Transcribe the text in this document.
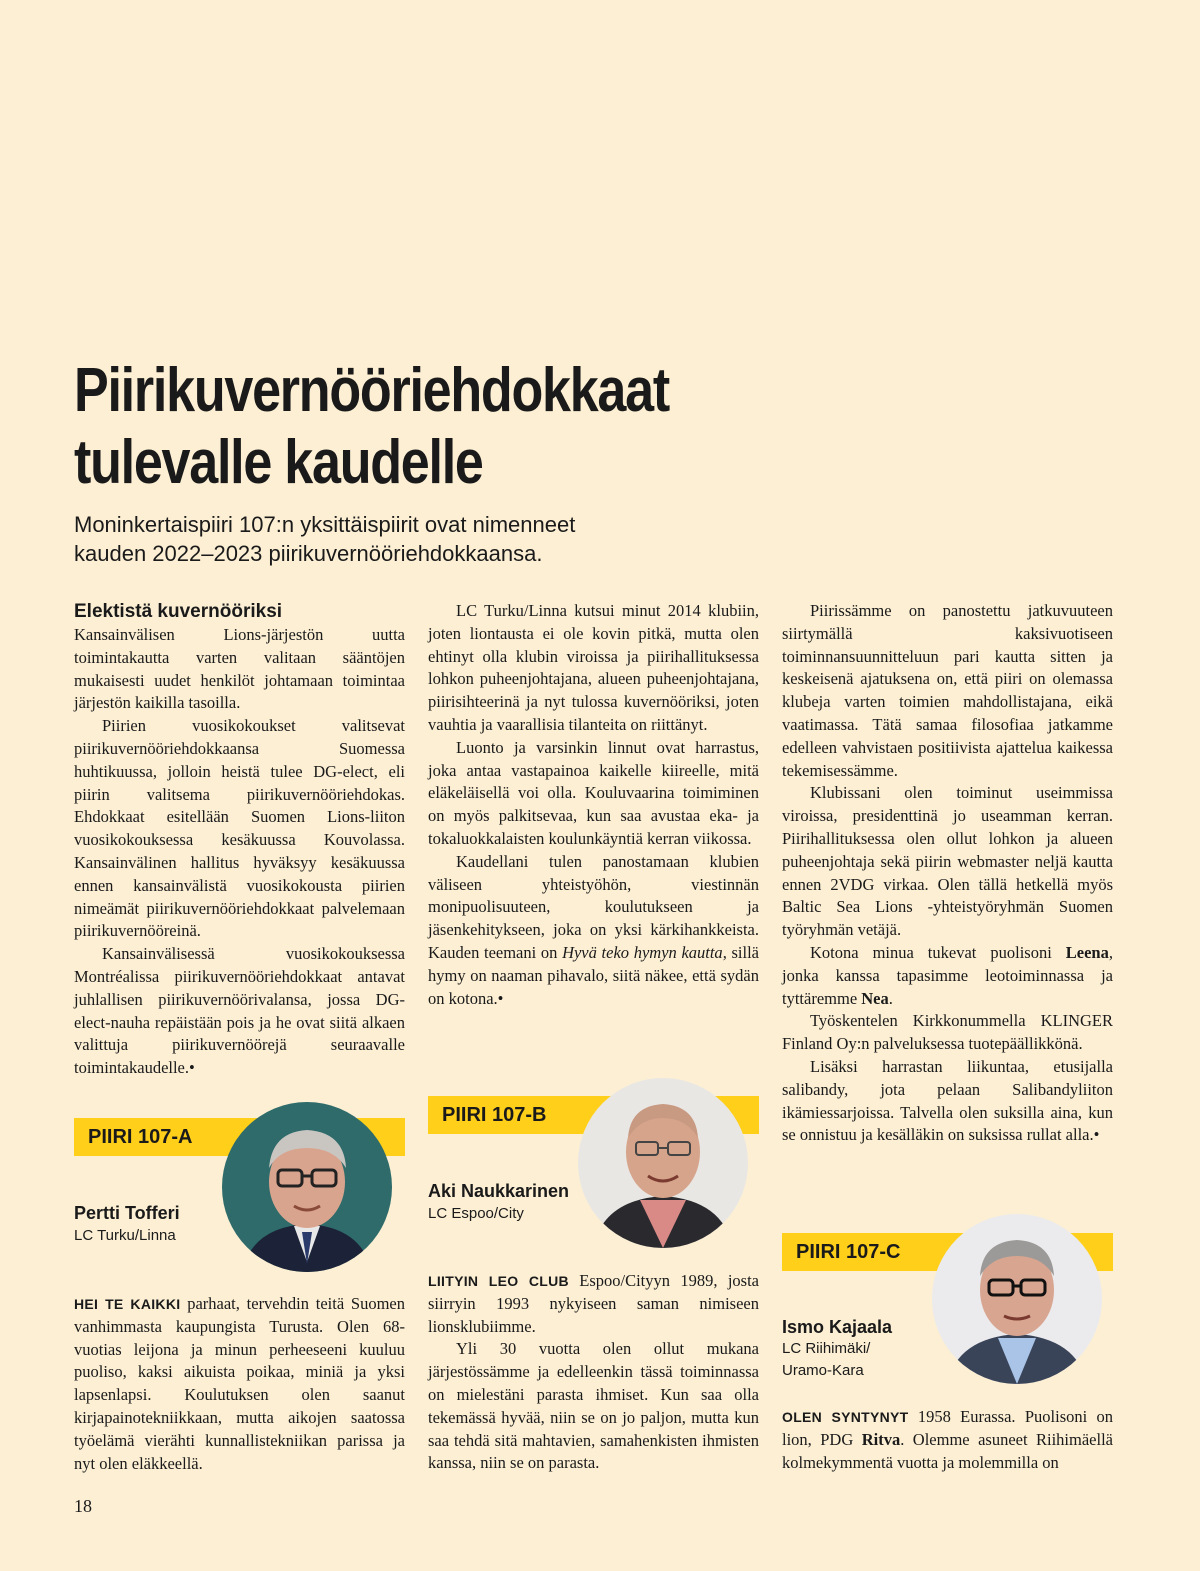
Piirikuvernööriehdokkaat
tulevalle kaudelle

Moninkertaispiiri 107:n yksittäispiirit ovat nimenneet
kauden 2022–2023 piirikuvernööriehdokkaansa.

Elektistä kuvernööriksi

Kansainvälisen Lions-järjestön uutta toimintakautta varten valitaan sääntöjen mukaisesti uudet henkilöt johtamaan toimintaa järjestön kaikilla tasoilla.

Piirien vuosikokoukset valitsevat piirikuvernööriehdokkaansa Suomessa huhtikuussa, jolloin heistä tulee DG-elect, eli piirin valitsema piirikuvernööriehdokas. Ehdokkaat esitellään Suomen Lions-liiton vuosikokouksessa kesäkuussa Kouvolassa. Kansainvälinen hallitus hyväksyy kesäkuussa ennen kansainvälistä vuosikokousta piirien nimeämät piirikuvernööriehdokkaat palvelemaan piirikuvernööreinä.

Kansainvälisessä vuosikokouksessa Montréalissa piirikuvernööriehdokkaat antavat juhlallisen piirikuvernöörivalansa, jossa DG-elect-nauha repäistään pois ja he ovat siitä alkaen valittuja piirikuvernöörejä seuraavalle toimintakaudelle.•

LC Turku/Linna kutsui minut 2014 klubiin, joten liontausta ei ole kovin pitkä, mutta olen ehtinyt olla klubin viroissa ja piirihallituksessa lohkon puheenjohtajana, alueen puheenjohtajana, piirisihteerinä ja nyt tulossa kuvernööriksi, joten vauhtia ja vaarallisia tilanteita on riittänyt.

Luonto ja varsinkin linnut ovat harrastus, joka antaa vastapainoa kaikelle kiireelle, mitä eläkeläisellä voi olla. Kouluvaarina toimiminen on myös palkitsevaa, kun saa avustaa eka- ja tokaluokkalaisten koulunkäyntiä kerran viikossa.

Kaudellani tulen panostamaan klubien väliseen yhteistyöhön, viestinnän monipuolisuuteen, koulutukseen ja jäsenkehitykseen, joka on yksi kärkihankkeista. Kauden teemani on Hyvä teko hymyn kautta, sillä hymy on naaman pihavalo, siitä näkee, että sydän on kotona.•

Piirissämme on panostettu jatkuvuuteen siirtymällä kaksivuotiseen toiminnansuunnitteluun pari kautta sitten ja keskeisenä ajatuksena on, että piiri on olemassa klubeja varten toimien mahdollistajana, eikä vaatimassa. Tätä samaa filosofiaa jatkamme edelleen vahvistaen positiivista ajattelua kaikessa tekemisessämme.

Klubissani olen toiminut useimmissa viroissa, presidenttinä jo useamman kerran. Piirihallituksessa olen ollut lohkon ja alueen puheenjohtaja sekä piirin webmaster neljä kautta ennen 2VDG virkaa. Olen tällä hetkellä myös Baltic Sea Lions -yhteistyöryhmän Suomen työryhmän vetäjä.

Kotona minua tukevat puolisoni Leena, jonka kanssa tapasimme leotoiminnassa ja tyttäremme Nea.

Työskentelen Kirkkonummella KLINGER Finland Oy:n palveluksessa tuotepäällikkönä.

Lisäksi harrastan liikuntaa, etusijalla salibandy, jota pelaan Salibandyliiton ikämiessarjoissa. Talvella olen suksilla aina, kun se onnistuu ja kesälläkin on suksissa rullat alla.•

PIIRI 107-A
Pertti Tofferi
LC Turku/Linna

HEI TE KAIKKI parhaat, tervehdin teitä Suomen vanhimmasta kaupungista Turusta. Olen 68-vuotias leijona ja minun perheeseeni kuuluu puoliso, kaksi aikuista poikaa, miniä ja yksi lapsenlapsi. Koulutuksen olen saanut kirjapainotekniikkaan, mutta aikojen saatossa työelämä vierähti kunnallistekniikan parissa ja nyt olen eläkkeellä.

PIIRI 107-B
Aki Naukkarinen
LC Espoo/City

LIITYIN LEO CLUB Espoo/Cityyn 1989, josta siirryin 1993 nykyiseen saman nimiseen lionsklubiimme.

Yli 30 vuotta olen ollut mukana järjestössämme ja edelleenkin tässä toiminnassa on mielestäni parasta ihmiset. Kun saa olla tekemässä hyvää, niin se on jo paljon, mutta kun saa tehdä sitä mahtavien, samahenkisten ihmisten kanssa, niin se on parasta.

PIIRI 107-C
Ismo Kajaala
LC Riihimäki/
Uramo-Kara

OLEN SYNTYNYT 1958 Eurassa. Puolisoni on lion, PDG Ritva. Olemme asuneet Riihimäellä kolmekymmentä vuotta ja molemmilla on

18
